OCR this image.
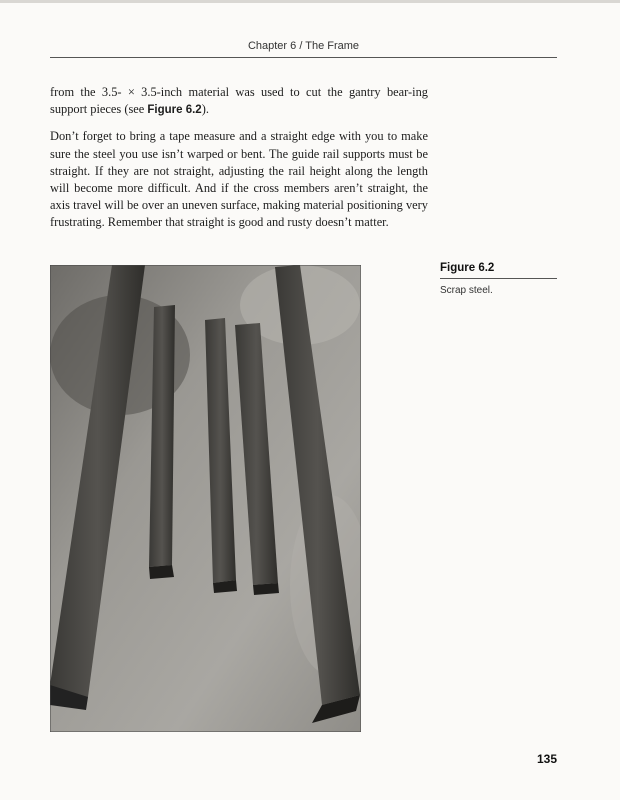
Chapter 6 / The Frame

from the 3.5- × 3.5-inch material was used to cut the gantry bear-ing support pieces (see Figure 6.2).

Don’t forget to bring a tape measure and a straight edge with you to make sure the steel you use isn’t warped or bent. The guide rail supports must be straight. If they are not straight, adjusting the rail height along the length will become more difficult. And if the cross members aren’t straight, the axis travel will be over an uneven surface, making material positioning very frustrating. Remember that straight is good and rusty doesn’t matter.

Figure 6.2
Scrap steel.
135
